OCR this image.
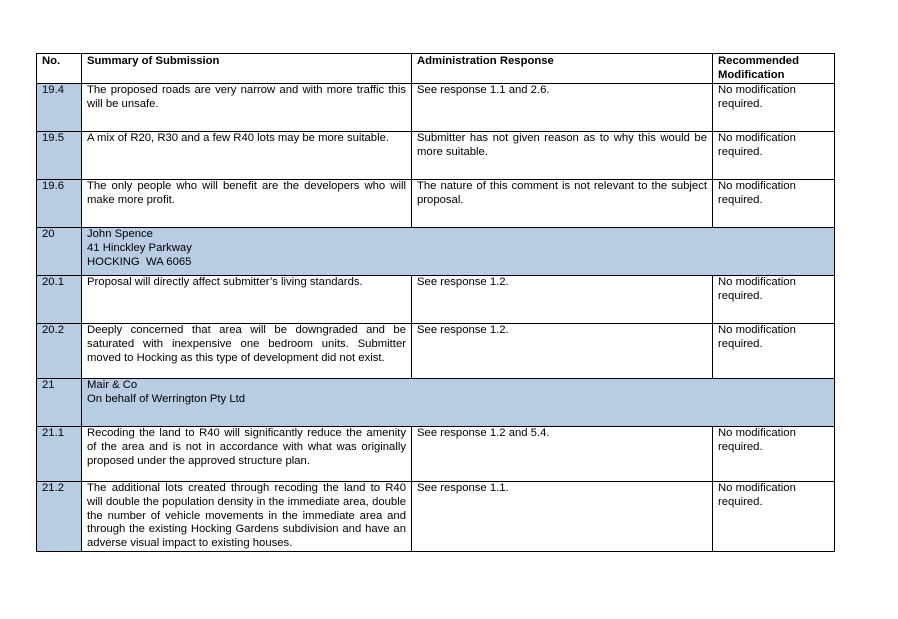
No.	Summary of Submission	Administration Response	Recommended
Modification

19.4	The proposed roads are very narrow and with more traffic this will be unsafe.	See response 1.1 and 2.6.	No modification required.
19.5	A mix of R20, R30 and a few R40 lots may be more suitable.	Submitter has not given reason as to why this would be more suitable.	No modification required.
19.6	The only people who will benefit are the developers who will make more profit.	The nature of this comment is not relevant to the subject proposal.	No modification required.
20	John Spence
41 Hinckley Parkway
HOCKING  WA 6065		

20.1	Proposal will directly affect submitter’s living standards.	See response 1.2.	No modification required.
20.2	Deeply concerned that area will be downgraded and be saturated with inexpensive one bedroom units. Submitter moved to Hocking as this type of development did not exist.	See response 1.2.	No modification required.
21	Mair & Co
On behalf of Werrington Pty Ltd		

21.1	Recoding the land to R40 will significantly reduce the amenity of the area and is not in accordance with what was originally proposed under the approved structure plan.	See response 1.2 and 5.4.	No modification required.
21.2	The additional lots created through recoding the land to R40 will double the population density in the immediate area, double the number of vehicle movements in the immediate area and through the existing Hocking Gardens subdivision and have an adverse visual impact to existing houses.	See response 1.1.	No modification required.
